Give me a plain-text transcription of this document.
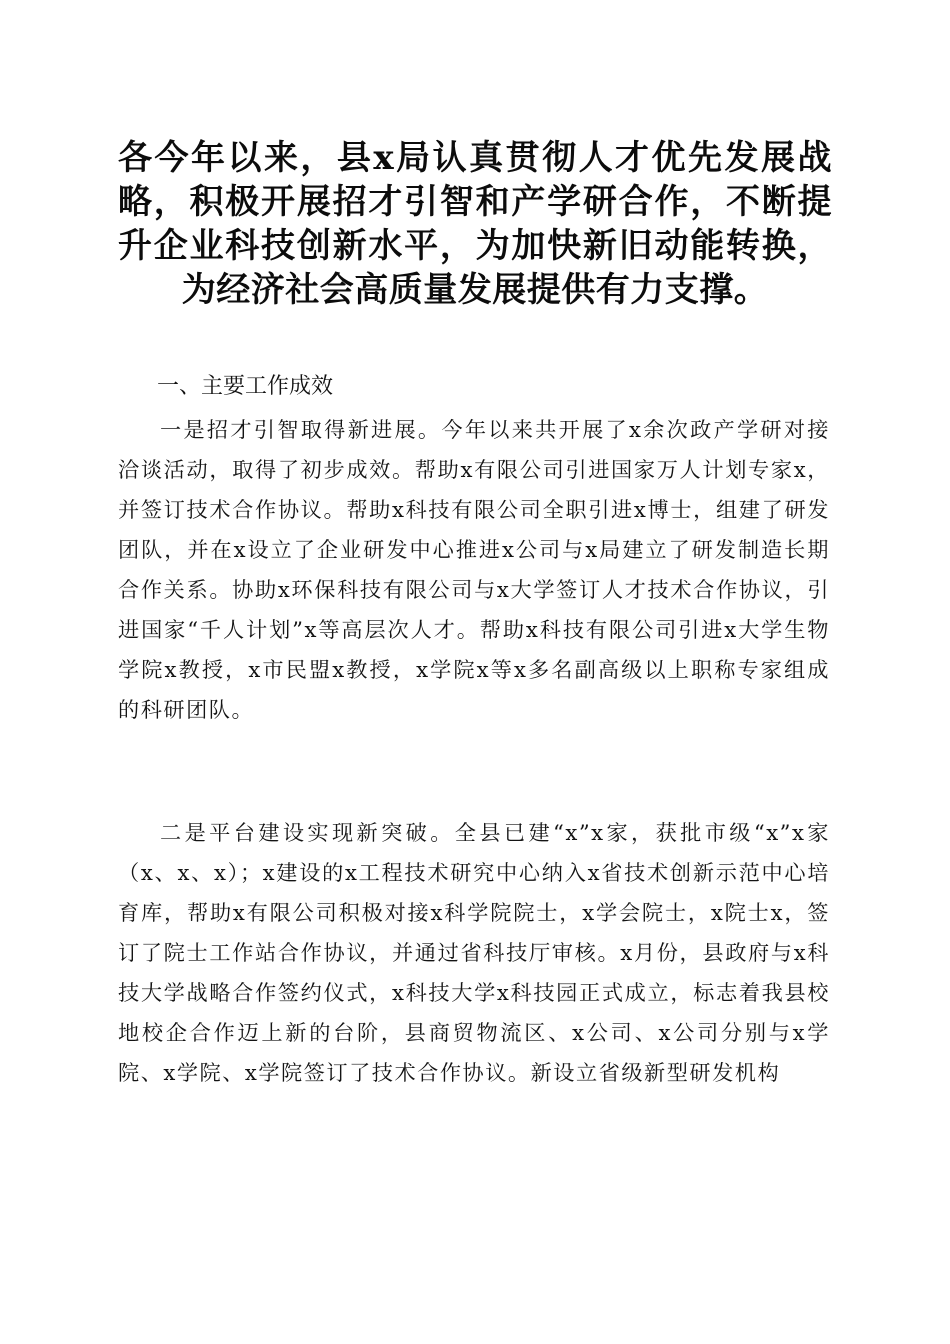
各今年以来，县x局认真贯彻人才优先发展战略，积极开展招才引智和产学研合作，不断提升企业科技创新水平，为加快新旧动能转换，为经济社会高质量发展提供有力支撑。
一、主要工作成效

一是招才引智取得新进展。今年以来共开展了x余次政产学研对接洽谈活动，取得了初步成效。帮助x有限公司引进国家万人计划专家x，并签订技术合作协议。帮助x科技有限公司全职引进x博士，组建了研发团队，并在x设立了企业研发中心推进x公司与x局建立了研发制造长期合作关系。协助x环保科技有限公司与x大学签订人才技术合作协议，引进国家“千人计划”x等高层次人才。帮助x科技有限公司引进x大学生物学院x教授，x市民盟x教授，x学院x等x多名副高级以上职称专家组成的科研团队。

二是平台建设实现新突破。全县已建“x”x家，获批市级“x”x家（x、x、x）；x建设的x工程技术研究中心纳入x省技术创新示范中心培育库，帮助x有限公司积极对接x科学院院士，x学会院士，x院士x，签订了院士工作站合作协议，并通过省科技厅审核。x月份，县政府与x科技大学战略合作签约仪式，x科技大学x科技园正式成立，标志着我县校地校企合作迈上新的台阶，县商贸物流区、x公司、x公司分别与x学院、x学院、x学院签订了技术合作协议。新设立省级新型研发机构
